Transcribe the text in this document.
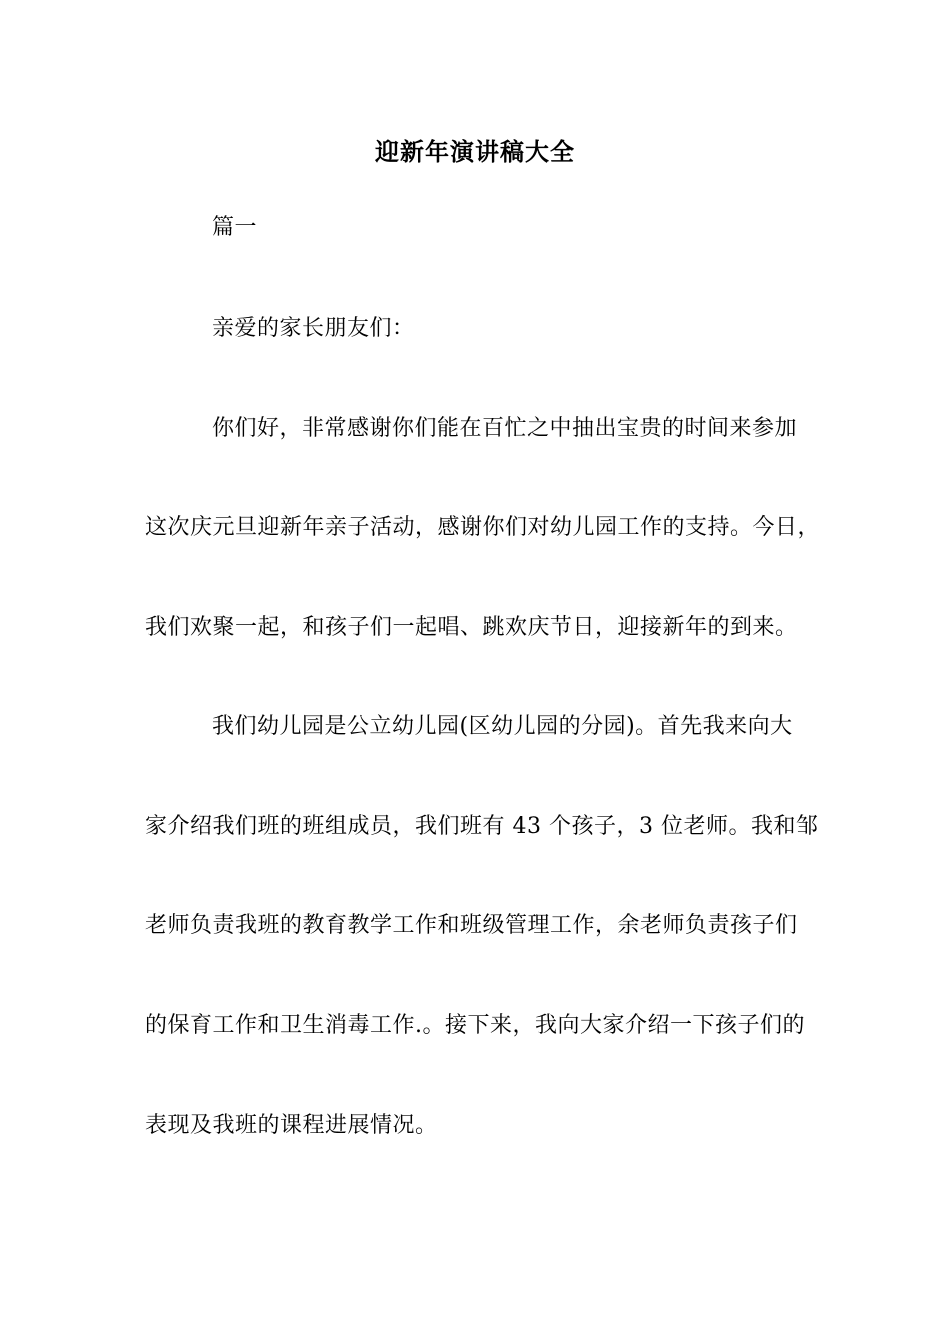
迎新年演讲稿大全
篇一
亲爱的家长朋友们：
你们好，非常感谢你们能在百忙之中抽出宝贵的时间来参加
这次庆元旦迎新年亲子活动，感谢你们对幼儿园工作的支持。今日，
我们欢聚一起，和孩子们一起唱、跳欢庆节日，迎接新年的到来。
我们幼儿园是公立幼儿园(区幼儿园的分园)。首先我来向大
家介绍我们班的班组成员，我们班有 43 个孩子，3 位老师。我和邹
老师负责我班的教育教学工作和班级管理工作，余老师负责孩子们
的保育工作和卫生消毒工作.。接下来，我向大家介绍一下孩子们的
表现及我班的课程进展情况。
